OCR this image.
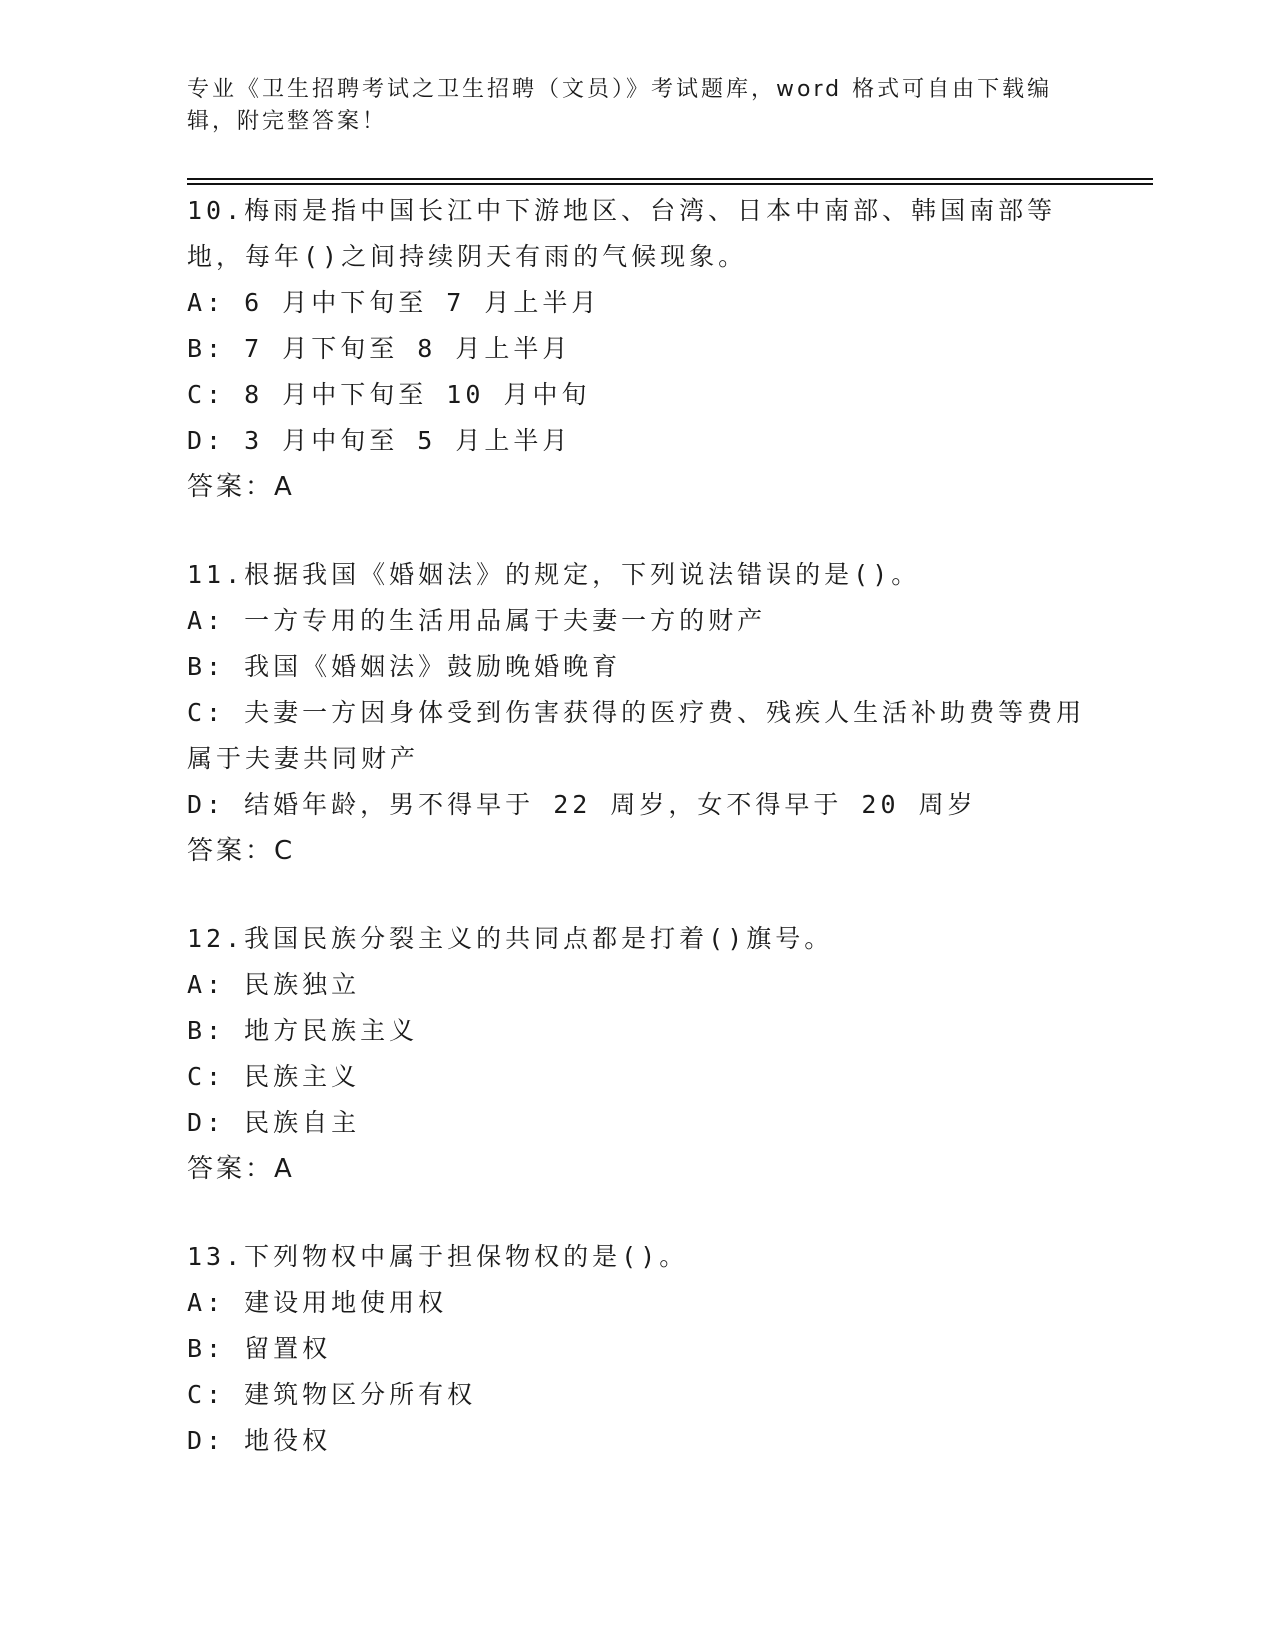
专业《卫生招聘考试之卫生招聘（文员）》考试题库，word 格式可自由下载编辑，附完整答案！
10.梅雨是指中国长江中下游地区、台湾、日本中南部、韩国南部等地，每年()之间持续阴天有雨的气候现象。
A: 6 月中下旬至 7 月上半月
B: 7 月下旬至 8 月上半月
C: 8 月中下旬至 10 月中旬
D: 3 月中旬至 5 月上半月
答案：A
11.根据我国《婚姻法》的规定，下列说法错误的是()。
A: 一方专用的生活用品属于夫妻一方的财产
B: 我国《婚姻法》鼓励晚婚晚育
C: 夫妻一方因身体受到伤害获得的医疗费、残疾人生活补助费等费用属于夫妻共同财产
D: 结婚年龄，男不得早于 22 周岁，女不得早于 20 周岁
答案：C
12.我国民族分裂主义的共同点都是打着()旗号。
A: 民族独立
B: 地方民族主义
C: 民族主义
D: 民族自主
答案：A
13.下列物权中属于担保物权的是()。
A: 建设用地使用权
B: 留置权
C: 建筑物区分所有权
D: 地役权
